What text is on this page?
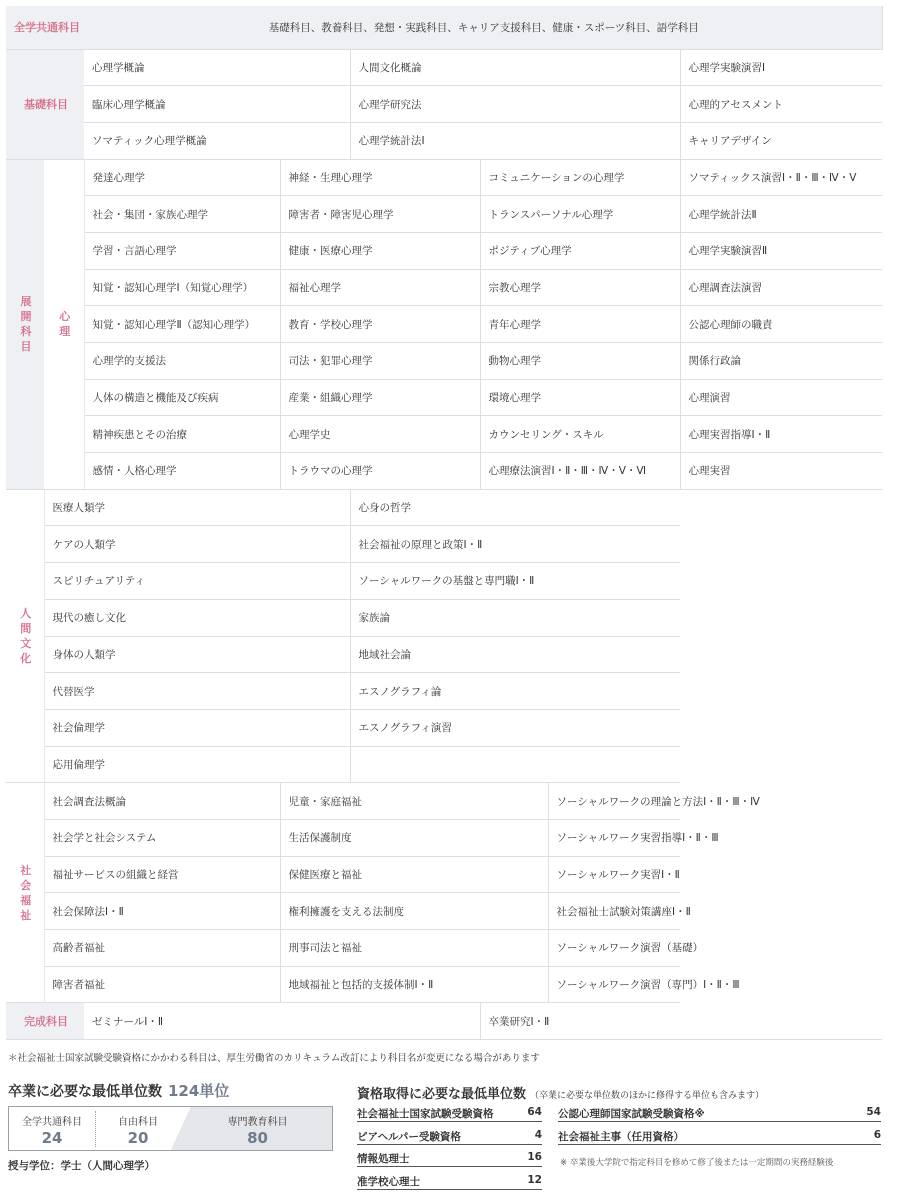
全学共通科目		基礎科目、教養科目、発想・実践科目、キャリア支援科目、健康・スポーツ科目、語学科目					
基礎科目		心理学概論		人間文化概論			心理学実験演習Ⅰ
		臨床心理学概論		心理学研究法			心理的アセスメント
		ソマティック心理学概論		心理学統計法Ⅰ			キャリアデザイン
展
開
科
目	心
理	発達心理学	神経・生理心理学		コミュニケーションの心理学		ソマティックス演習Ⅰ・Ⅱ・Ⅲ・Ⅳ・Ⅴ
		社会・集団・家族心理学	障害者・障害児心理学		トランスパーソナル心理学		心理学統計法Ⅱ
		学習・言語心理学	健康・医療心理学		ポジティブ心理学		心理学実験演習Ⅱ
		知覚・認知心理学Ⅰ（知覚心理学）	福祉心理学		宗教心理学		心理調査法演習
		知覚・認知心理学Ⅱ（認知心理学）	教育・学校心理学		青年心理学		公認心理師の職責
		心理学的支援法	司法・犯罪心理学		動物心理学		関係行政論
		人体の構造と機能及び疾病	産業・組織心理学		環境心理学		心理演習
		精神疾患とその治療	心理学史		カウンセリング・スキル		心理実習指導Ⅰ・Ⅱ
		感情・人格心理学	トラウマの心理学		心理療法演習Ⅰ・Ⅱ・Ⅲ・Ⅳ・Ⅴ・Ⅵ		心理実習
人
間
文
化	医療人類学			心身の哲学			
	ケアの人類学			社会福祉の原理と政策Ⅰ・Ⅱ			
	スピリチュアリティ			ソーシャルワークの基盤と専門職Ⅰ・Ⅱ			
	現代の癒し文化			家族論			
	身体の人類学			地域社会論			
	代替医学			エスノグラフィ論			
	社会倫理学			エスノグラフィ演習			
	応用倫理学						
社
会
福
祉	社会調査法概論		児童・家庭福祉			ソーシャルワークの理論と方法Ⅰ・Ⅱ・Ⅲ・Ⅳ	
	社会学と社会システム		生活保護制度			ソーシャルワーク実習指導Ⅰ・Ⅱ・Ⅲ	
	福祉サービスの組織と経営		保健医療と福祉			ソーシャルワーク実習Ⅰ・Ⅱ	
	社会保障法Ⅰ・Ⅱ		権利擁護を支える法制度			社会福祉士試験対策講座Ⅰ・Ⅱ	
	高齢者福祉		刑事司法と福祉			ソーシャルワーク演習（基礎）	
	障害者福祉		地域福祉と包括的支援体制Ⅰ・Ⅱ			ソーシャルワーク演習（専門）Ⅰ・Ⅱ・Ⅲ	
完成科目		ゼミナールⅠ・Ⅱ			卒業研究Ⅰ・Ⅱ		
＊社会福祉士国家試験受験資格にかかわる科目は、厚生労働省のカリキュラム改訂により科目名が変更になる場合があります
卒業に必要な最低単位数 124単位
全学共通科目
24
自由科目
20
専門教育科目
80
授与学位：学士（人間心理学）
資格取得に必要な最低単位数 （卒業に必要な単位数のほかに修得する単位も含みます）
社会福祉士国家試験受験資格	64
ピアヘルパー受験資格	4
情報処理士	16
准学校心理士	12
公認心理師国家試験受験資格※	54
社会福祉主事（任用資格）	6
※ 卒業後大学院で指定科目を修めて修了後または一定期間の実務経験後
